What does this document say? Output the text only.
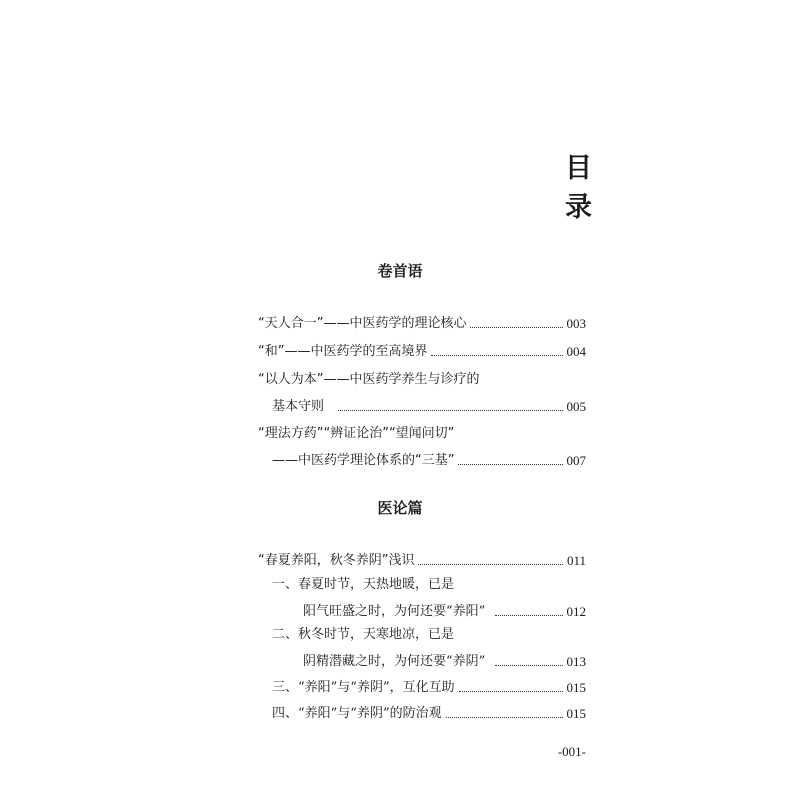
目 录
卷首语
“天人合一”——中医药学的理论核心	003
“和”——中医药学的至高境界	004
“以人为本”——中医药学养生与诊疗的
基本守则	005
“理法方药”“辨证论治”“望闻问切”
——中医药学理论体系的“三基”	007
医论篇
“春夏养阳，秋冬养阴”浅识	011
一、春夏时节，天热地暖，已是
阳气旺盛之时，为何还要“养阳”	012
二、秋冬时节，天寒地凉，已是
阴精潜藏之时，为何还要“养阴”	013
三、“养阳”与“养阴”，互化互助	015
四、“养阳”与“养阴”的防治观	015
-001-
